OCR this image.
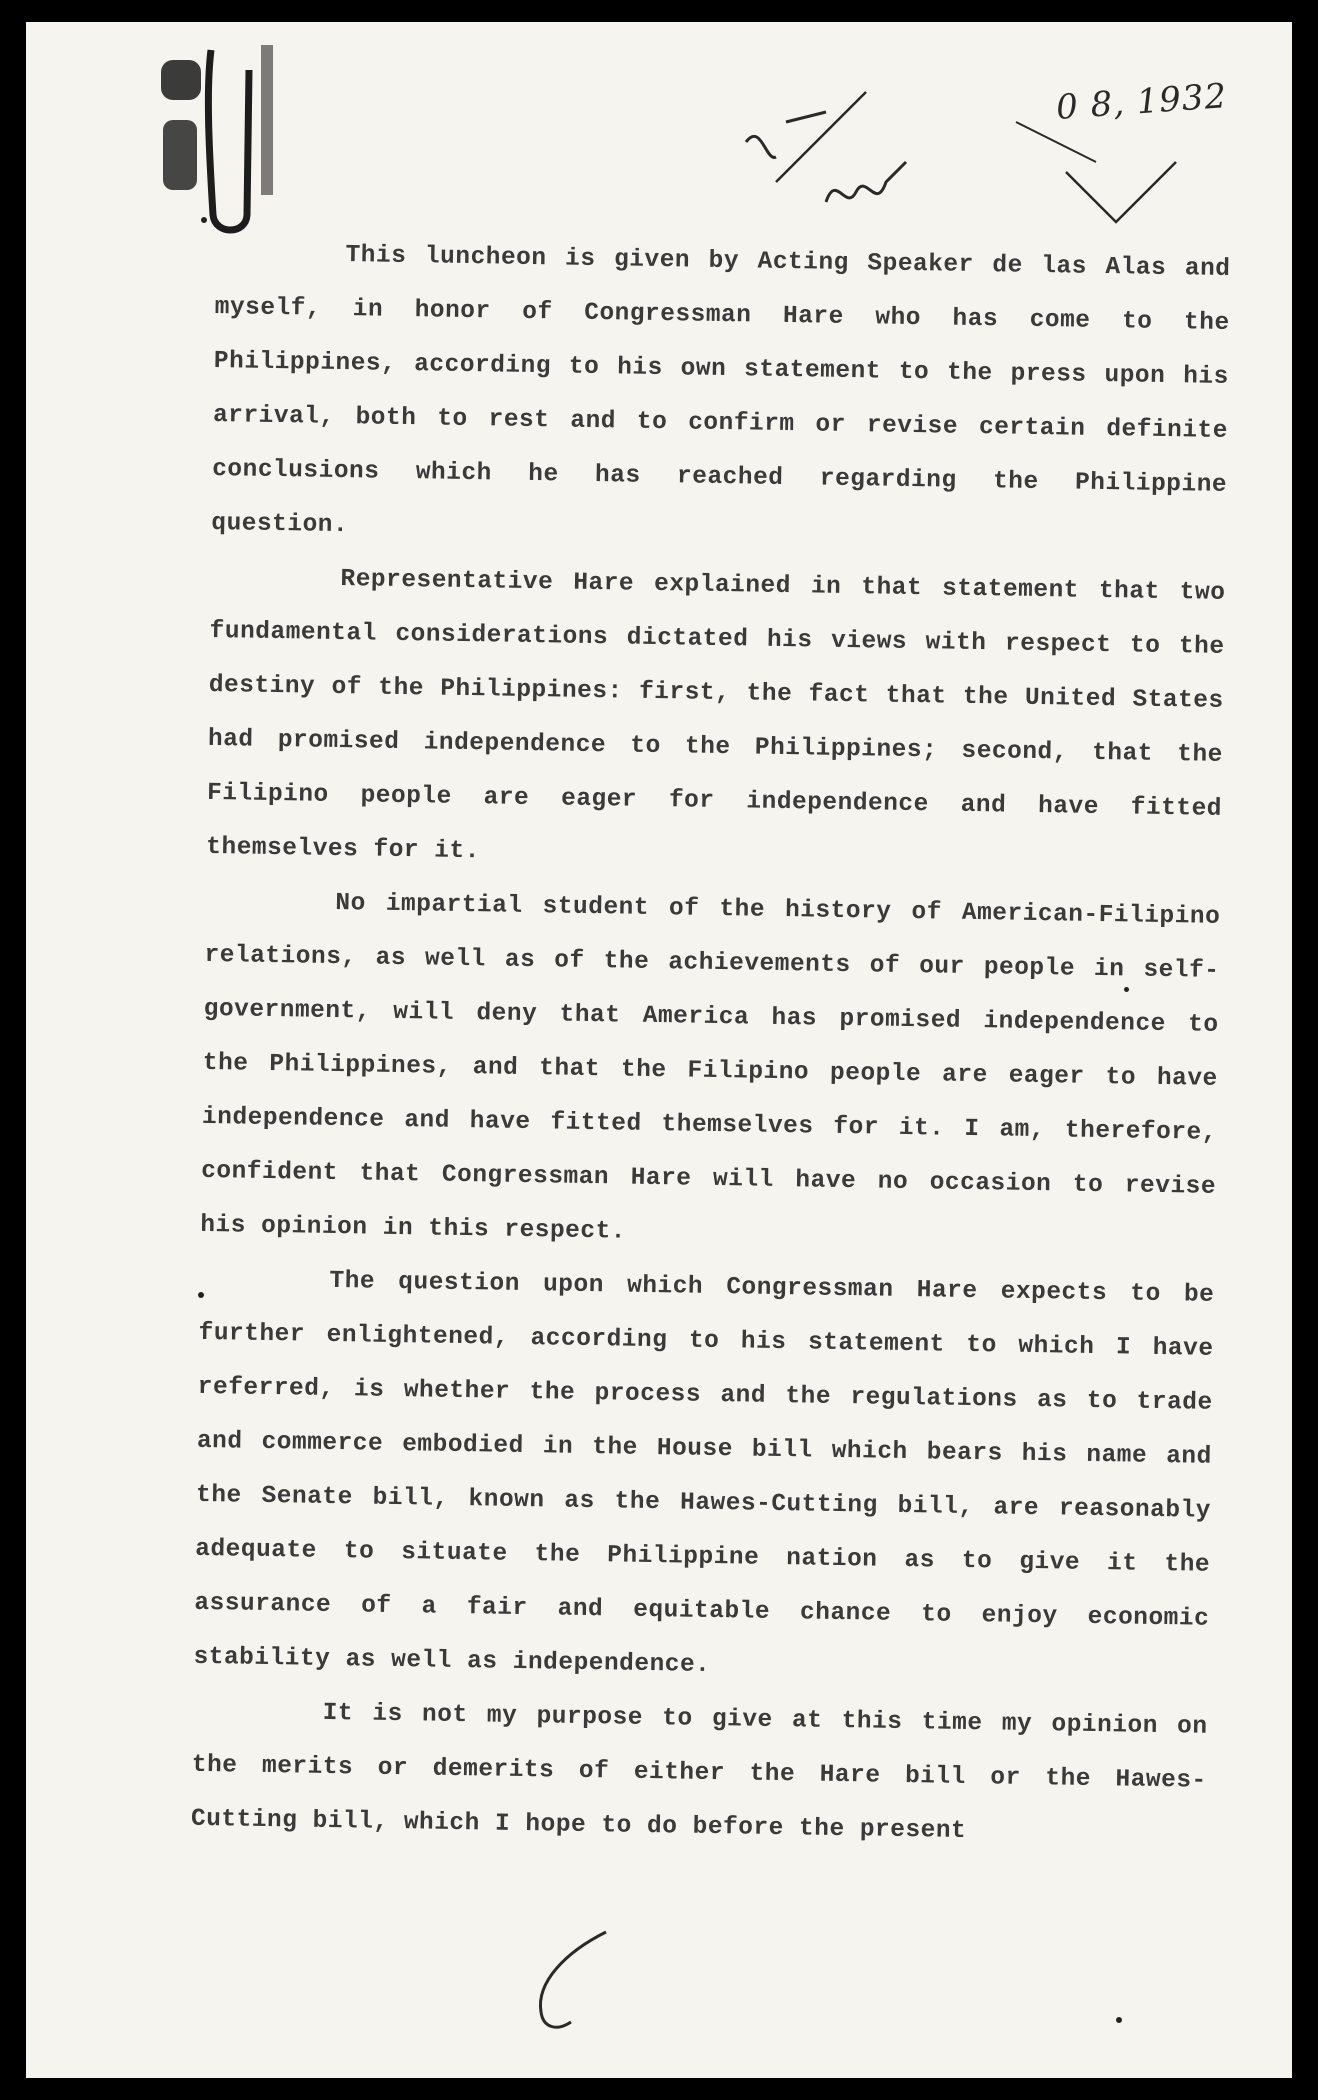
0 8, 1932

This luncheon is given by Acting Speaker de las Alas and myself, in honor of Congressman Hare who has come to the Philippines, according to his own statement to the press upon his arrival, both to rest and to confirm or revise certain definite conclusions which he has reached regarding the Philippine question.

Representative Hare explained in that statement that two fundamental considerations dictated his views with respect to the destiny of the Philippines: first, the fact that the United States had promised independence to the Philippines; second, that the Filipino people are eager for independence and have fitted themselves for it.

No impartial student of the history of American-Filipino relations, as well as of the achievements of our people in self-government, will deny that America has promised independence to the Philippines, and that the Filipino people are eager to have independence and have fitted themselves for it. I am, therefore, confident that Congressman Hare will have no occasion to revise his opinion in this respect.

The question upon which Congressman Hare expects to be further enlightened, according to his statement to which I have referred, is whether the process and the regulations as to trade and commerce embodied in the House bill which bears his name and the Senate bill, known as the Hawes-Cutting bill, are reasonably adequate to situate the Philippine nation as to give it the assurance of a fair and equitable chance to enjoy economic stability as well as independence.

It is not my purpose to give at this time my opinion on the merits or demerits of either the Hare bill or the Hawes-Cutting bill, which I hope to do before the present
